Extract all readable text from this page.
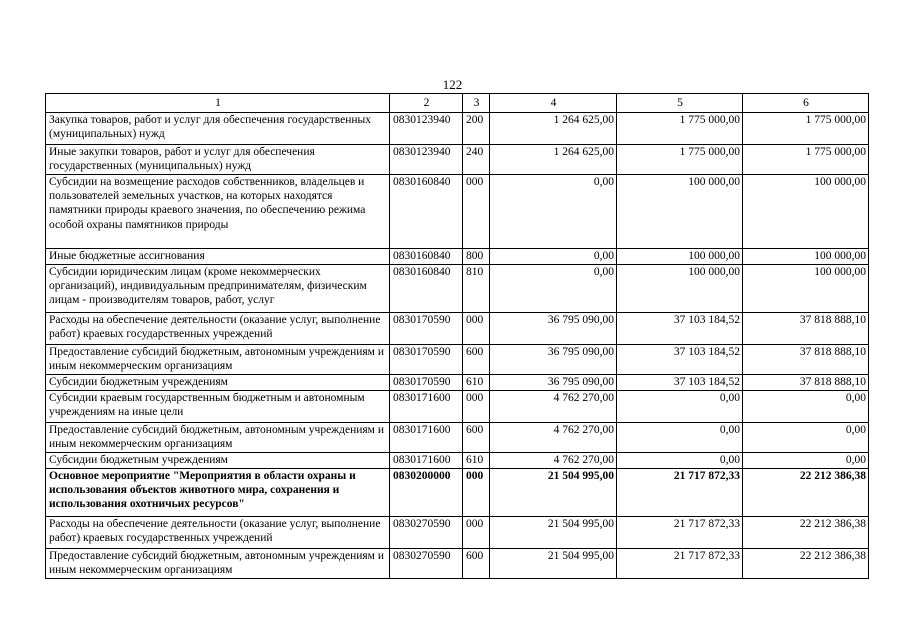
122
1	2	3	4	5	6
Закупка товаров, работ и услуг для обеспечения государственных (муниципальных) нужд	0830123940	200	1 264 625,00	1 775 000,00	1 775 000,00
Иные закупки товаров, работ и услуг для обеспечения государственных (муниципальных) нужд	0830123940	240	1 264 625,00	1 775 000,00	1 775 000,00
Субсидии на возмещение расходов собственников, владельцев и пользователей земельных участков, на которых находятся памятники природы краевого значения, по обеспечению режима особой охраны памятников природы	0830160840	000	0,00	100 000,00	100 000,00
Иные бюджетные ассигнования	0830160840	800	0,00	100 000,00	100 000,00
Субсидии юридическим лицам (кроме некоммерческих организаций), индивидуальным предпринимателям, физическим лицам - производителям товаров, работ, услуг	0830160840	810	0,00	100 000,00	100 000,00
Расходы на обеспечение деятельности (оказание услуг, выполнение работ) краевых государственных учреждений	0830170590	000	36 795 090,00	37 103 184,52	37 818 888,10
Предоставление субсидий бюджетным, автономным учреждениям и иным некоммерческим организациям	0830170590	600	36 795 090,00	37 103 184,52	37 818 888,10
Субсидии бюджетным учреждениям	0830170590	610	36 795 090,00	37 103 184,52	37 818 888,10
Субсидии краевым государственным бюджетным и автономным учреждениям на иные цели	0830171600	000	4 762 270,00	0,00	0,00
Предоставление субсидий бюджетным, автономным учреждениям и иным некоммерческим организациям	0830171600	600	4 762 270,00	0,00	0,00
Субсидии бюджетным учреждениям	0830171600	610	4 762 270,00	0,00	0,00
Основное мероприятие "Мероприятия в области охраны и использования объектов животного мира, сохранения и использования охотничьих ресурсов"	0830200000	000	21 504 995,00	21 717 872,33	22 212 386,38
Расходы на обеспечение деятельности (оказание услуг, выполнение работ) краевых государственных учреждений	0830270590	000	21 504 995,00	21 717 872,33	22 212 386,38
Предоставление субсидий бюджетным, автономным учреждениям и иным некоммерческим организациям	0830270590	600	21 504 995,00	21 717 872,33	22 212 386,38
